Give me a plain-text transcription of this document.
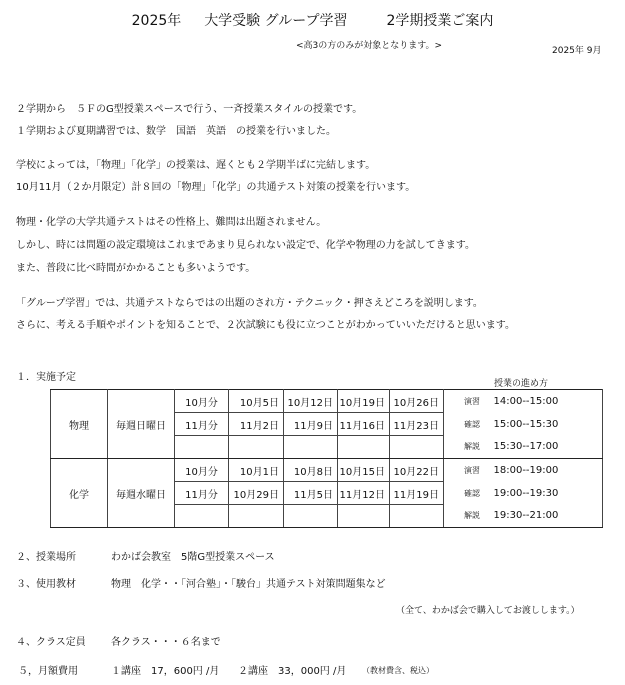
2025年 大学受験 グループ学習	2学期授業ご案内
<高3の方のみが対象となります。>	2025年 9月
２学期から　５ＦのG型授業スペースで行う、一斉授業スタイルの授業です。
１学期および夏期講習では、数学　国語　英語　の授業を行いました。
学校によっては，「物理」「化学」の授業は、遅くとも２学期半ばに完結します。
10月11月（２か月限定）計８回の「物理」「化学」の共通テスト対策の授業を行います。
物理・化学の大学共通テストはその性格上、難問は出題されません。
しかし、時には問題の設定環境はこれまであまり見られない設定で、化学や物理の力を試してきます。
また、普段に比べ時間がかかることも多いようです。
「グループ学習」では、共通テストならではの出題のされ方・テクニック・押さえどころを説明します。
さらに、考える手順やポイントを知ることで、２次試験にも役に立つことがわかっていいただけると思います。
１．実施予定
授業の進め方
物理	毎週日曜日	10月分	10月5日	10月12日	10月19日	10月26日	演習	14:00--15:00
		11月分	11月2日	11月9日	11月16日	11月23日	確認	15:00--15:30
							解説	15:30--17:00
化学	毎週水曜日	10月分	10月1日	10月8日	10月15日	10月22日	演習	18:00--19:00
		11月分	10月29日	11月5日	11月12日	11月19日	確認	19:00--19:30
							解説	19:30--21:00
２、授業場所	わかば会教室　5階G型授業スペース
３、使用教材	物理　化学・・「河合塾」・「駿台」共通テスト対策問題集など
（全て、わかば会で購入してお渡しします。）
４、クラス定員	各クラス・・・６名まで
５，月額費用	１講座　17，600円 /月 ２講座　33，000円 /月 （教材費含、税込）
